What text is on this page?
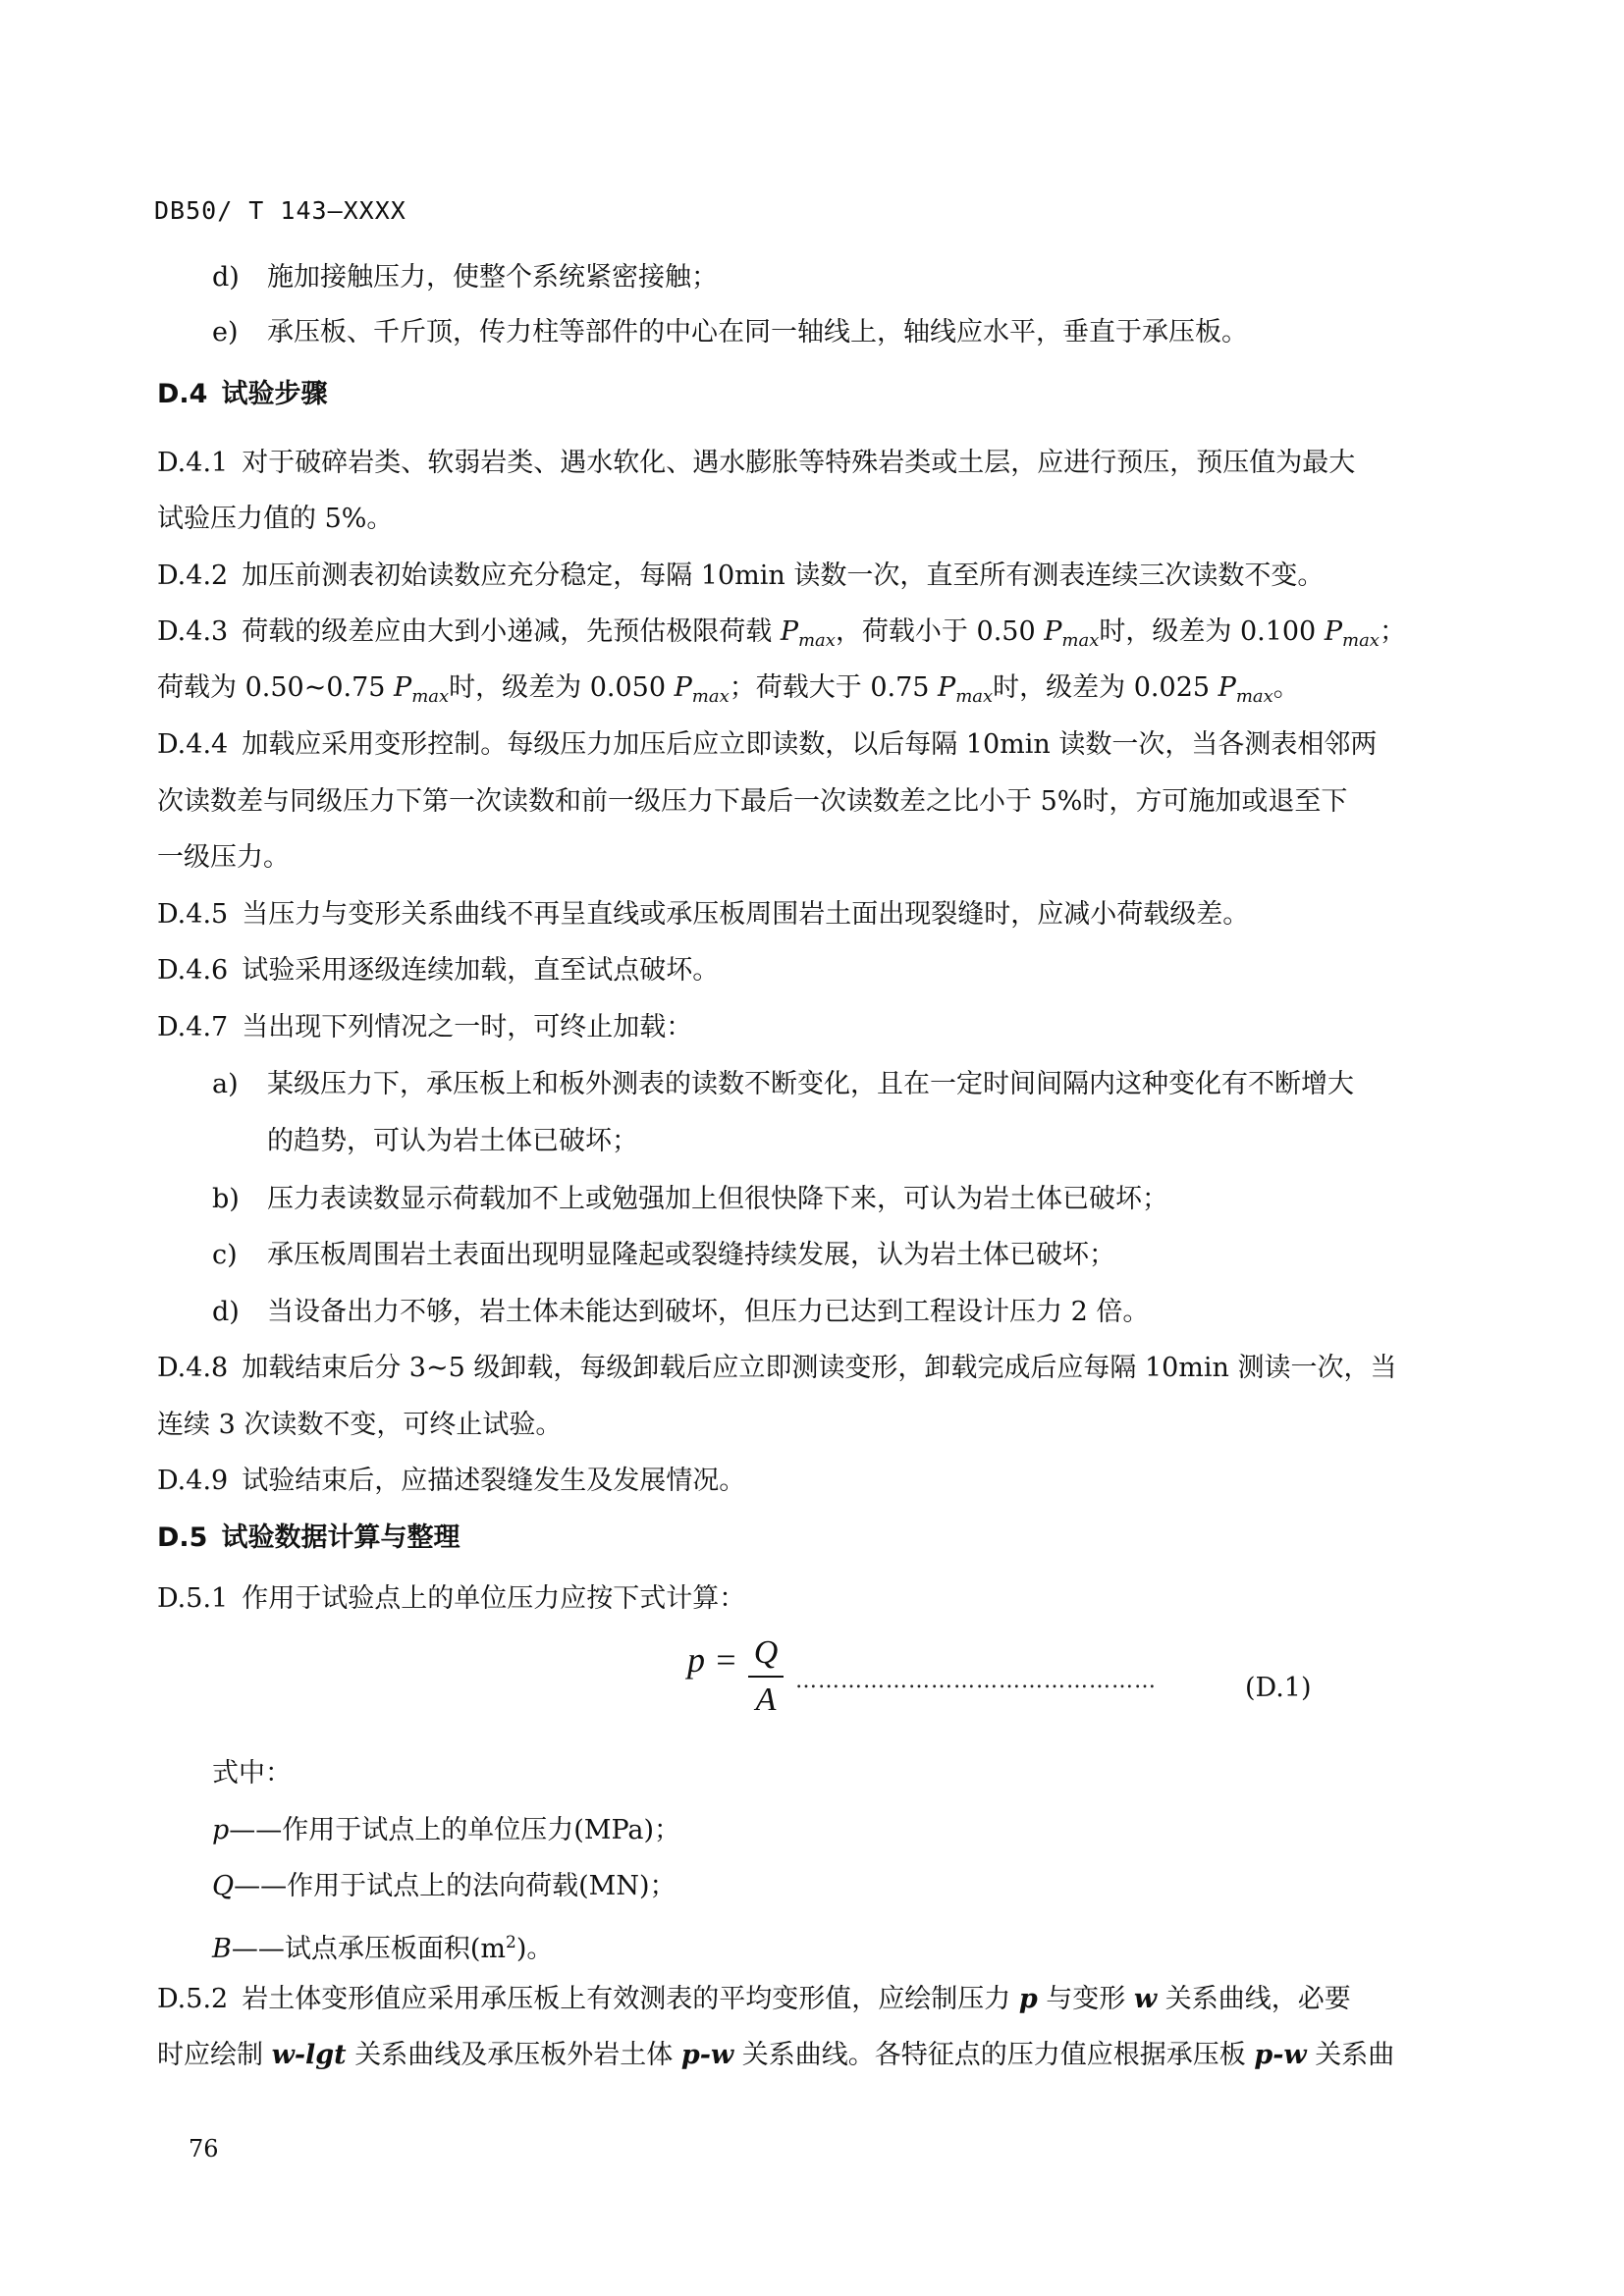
DB50/ T 143—XXXX
d) 施加接触压力，使整个系统紧密接触；
e) 承压板、千斤顶，传力柱等部件的中心在同一轴线上，轴线应水平，垂直于承压板。
D.4 试验步骤
D.4.1 对于破碎岩类、软弱岩类、遇水软化、遇水膨胀等特殊岩类或土层，应进行预压，预压值为最大
试验压力值的 5%。
D.4.2 加压前测表初始读数应充分稳定，每隔 10min 读数一次，直至所有测表连续三次读数不变。
D.4.3 荷载的级差应由大到小递减，先预估极限荷载 $P_{max}$，荷载小于 0.50 $P_{max}$时，级差为 0.100 $P_{max}$；
荷载为 0.50~0.75 $P_{max}$时，级差为 0.050 $P_{max}$；荷载大于 0.75 $P_{max}$时，级差为 0.025 $P_{max}$。
D.4.4 加载应采用变形控制。每级压力加压后应立即读数，以后每隔 10min 读数一次，当各测表相邻两
次读数差与同级压力下第一次读数和前一级压力下最后一次读数差之比小于 5%时，方可施加或退至下
一级压力。
D.4.5 当压力与变形关系曲线不再呈直线或承压板周围岩土面出现裂缝时，应减小荷载级差。
D.4.6 试验采用逐级连续加载，直至试点破坏。
D.4.7 当出现下列情况之一时，可终止加载：
a) 某级压力下，承压板上和板外测表的读数不断变化，且在一定时间间隔内这种变化有不断增大
的趋势，可认为岩土体已破坏；
b) 压力表读数显示荷载加不上或勉强加上但很快降下来，可认为岩土体已破坏；
c) 承压板周围岩土表面出现明显隆起或裂缝持续发展，认为岩土体已破坏；
d) 当设备出力不够，岩土体未能达到破坏，但压力已达到工程设计压力 2 倍。
D.4.8 加载结束后分 3~5 级卸载，每级卸载后应立即测读变形，卸载完成后应每隔 10min 测读一次，当
连续 3 次读数不变，可终止试验。
D.4.9 试验结束后，应描述裂缝发生及发展情况。
D.5 试验数据计算与整理
D.5.1 作用于试验点上的单位压力应按下式计算：
p = Q
A
…………………………………………	(D.1)
式中：
p——作用于试点上的单位压力(MPa)；
Q——作用于试点上的法向荷载(MN)；
B——试点承压板面积$(m^2)$。
D.5.2 岩土体变形值应采用承压板上有效测表的平均变形值，应绘制压力 p 与变形 w 关系曲线，必要
时应绘制 w-lgt 关系曲线及承压板外岩土体 p-w 关系曲线。各特征点的压力值应根据承压板 p-w 关系曲
76
